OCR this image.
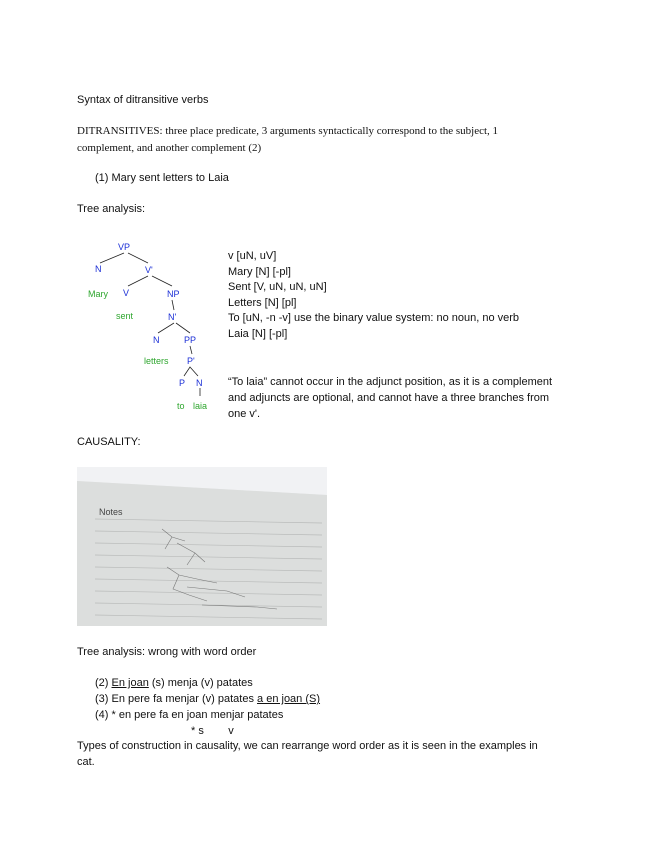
Syntax of ditransitive verbs
DITRANSITIVES: three place predicate, 3 arguments syntactically correspond to the subject, 1
complement, and another complement (2)
(1) Mary sent letters to Laia
Tree analysis:
VP
N	V'
Mary V	NP
sent	N'
N	PP
letters P'
P N
to laia
v [uN, uV]
Mary [N] [-pl]
Sent [V, uN, uN, uN]
Letters [N] [pl]
To [uN, -n -v] use the binary value system: no noun, no verb
Laia [N] [-pl]
“To laia” cannot occur in the adjunct position, as it is a complement
and adjuncts are optional, and cannot have a three branches from
one v'.
CAUSALITY:
Notes
Tree analysis: wrong with word order
(2) En joan (s) menja (v) patates
(3) En pere fa menjar (v) patates a en joan (S)
(4) * en pere fa en joan menjar patates
* s        v
Types of construction in causality, we can rearrange word order as it is seen in the examples in
cat.
